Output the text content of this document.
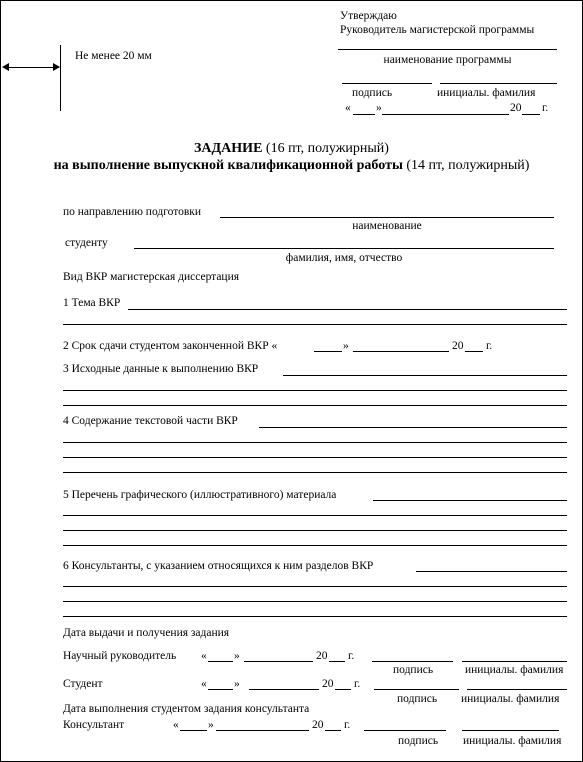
Утверждаю
Руководитель магистерской программы
наименование программы
подпись	инициалы. фамилия
« »	20 г.
Не менее 20 мм
ЗАДАНИЕ (16 пт, полужирный)
на выполнение выпускной квалификационной работы (14 пт, полужирный)
по направлению подготовки
наименование
студенту
фамилия, имя, отчество
Вид ВКР магистерская диссертация
1 Тема ВКР
2 Срок сдачи студентом законченной ВКР «	»	20 г.
3 Исходные данные к выполнению ВКР
4 Содержание текстовой части ВКР
5 Перечень графического (иллюстративного) материала
6 Консультанты, с указанием относящихся к ним разделов ВКР
Дата выдачи и получения задания
Научный руководитель « »	20 г.
подпись	инициалы. фамилия
Студент	« »	20 г.
подпись инициалы. фамилия
Дата выполнения студентом задания консультанта
Консультант	«	»	20 г.
подпись инициалы. фамилия
